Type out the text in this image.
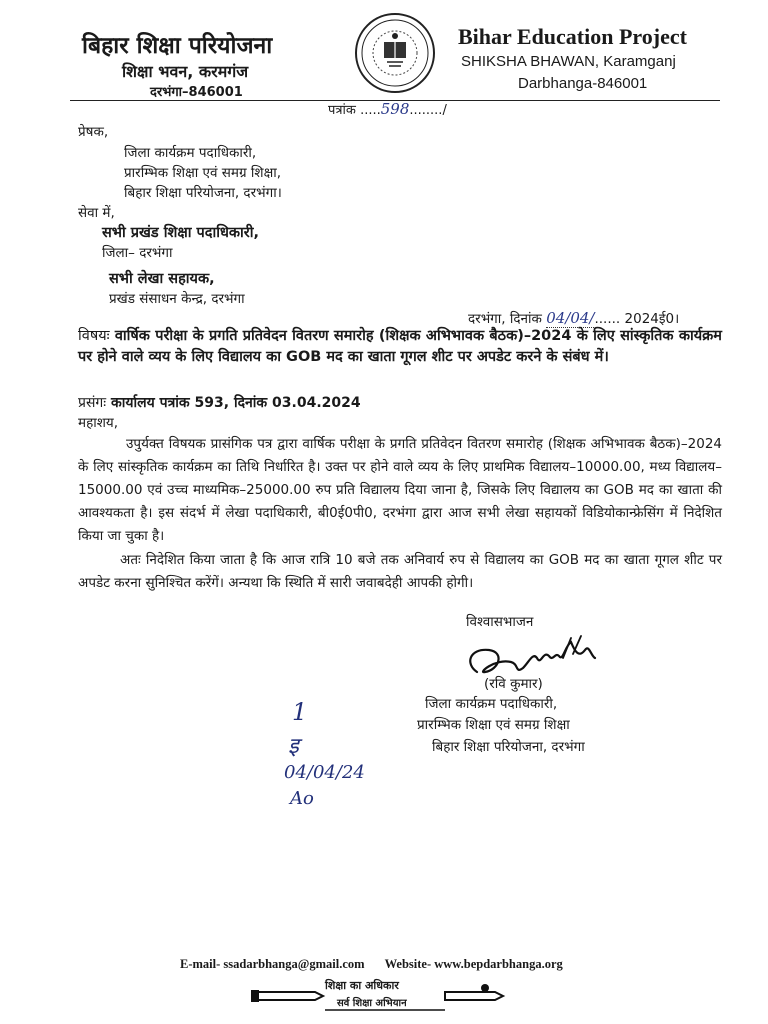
बिहार शिक्षा परियोजना
शिक्षा भवन, करमगंज
दरभंगा–846001
Bihar Education Project
SHIKSHA BHAWAN, Karamganj
Darbhanga-846001
पत्रांक .....598......../
प्रेषक,
जिला कार्यक्रम पदाधिकारी,
प्रारम्भिक शिक्षा एवं समग्र शिक्षा,
बिहार शिक्षा परियोजना, दरभंगा।
सेवा में,
सभी प्रखंड शिक्षा पदाधिकारी,
जिला– दरभंगा
सभी लेखा सहायक,
प्रखंड संसाधन केन्द्र, दरभंगा
दरभंगा, दिनांक 04/04/...... 2024ई0।
विषयः वार्षिक परीक्षा के प्रगति प्रतिवेदन वितरण समारोह (शिक्षक अभिभावक बैठक)–2024 के लिए सांस्कृतिक कार्यक्रम पर होने वाले व्यय के लिए विद्यालय का GOB मद का खाता गूगल शीट पर अपडेट करने के संबंध में।
प्रसंगः कार्यालय पत्रांक 593, दिनांक 03.04.2024
महाशय,
उपुर्यक्त विषयक प्रासंगिक पत्र द्वारा वार्षिक परीक्षा के प्रगति प्रतिवेदन वितरण समारोह (शिक्षक अभिभावक बैठक)–2024 के लिए सांस्कृतिक कार्यक्रम का तिथि निर्धारित है। उक्त पर होने वाले व्यय के लिए प्राथमिक विद्यालय–10000.00, मध्य विद्यालय–15000.00 एवं उच्च माध्यमिक–25000.00 रुप प्रति विद्यालय दिया जाना है, जिसके लिए विद्यालय का GOB मद का खाता की आवश्यकता है। इस संदर्भ में लेखा पदाधिकारी, बी0ई0पी0, दरभंगा द्वारा आज सभी लेखा सहायकों विडियोकान्फ्रेसिंग में निदेशित किया जा चुका है।
अतः निदेशित किया जाता है कि आज रात्रि 10 बजे तक अनिवार्य रुप से विद्यालय का GOB मद का खाता गूगल शीट पर अपडेट करना सुनिश्चित करेंगें। अन्यथा कि स्थिति में सारी जवाबदेही आपकी होगी।
विश्वासभाजन
(रवि कुमार)
जिला कार्यक्रम पदाधिकारी,
प्रारम्भिक शिक्षा एवं समग्र शिक्षा
बिहार शिक्षा परियोजना, दरभंगा
1
इ
04/04/24
Ao
E-mail- ssadarbhanga@gmail.com Website- www.bepdarbhanga.org
शिक्षा का अधिकार
सर्व शिक्षा अभियान
